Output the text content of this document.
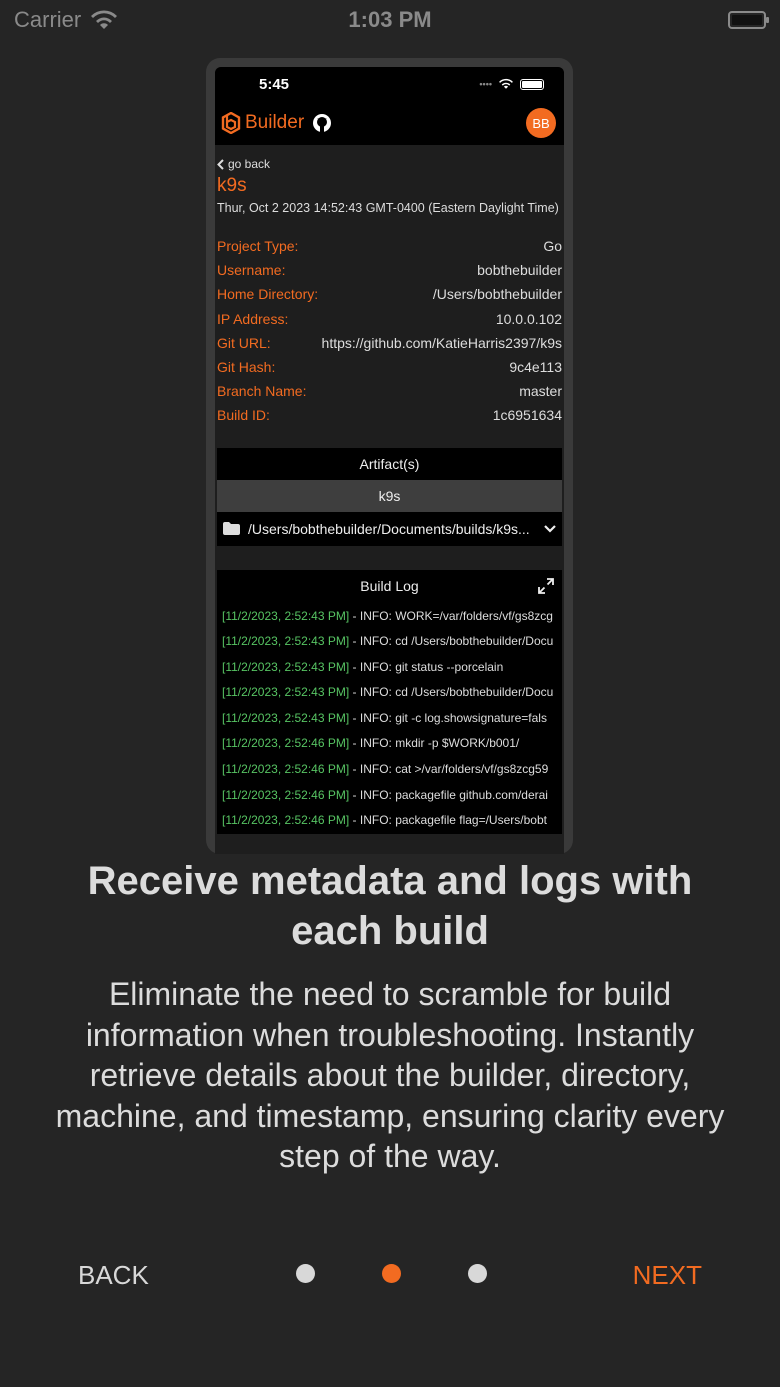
Carrier	1:03 PM
5:45	••••
Builder	BB
go back
k9s
Thur, Oct 2 2023 14:52:43 GMT-0400 (Eastern Daylight Time)
Project Type:	Go
Username:	bobthebuilder
Home Directory:	/Users/bobthebuilder
IP Address:	10.0.0.102
Git URL:	https://github.com/KatieHarris2397/k9s
Git Hash:	9c4e113
Branch Name:	master
Build ID:	1c6951634
Artifact(s)
k9s
/Users/bobthebuilder/Documents/builds/k9s...
Build Log
[11/2/2023, 2:52:43 PM] - INFO: WORK=/var/folders/vf/gs8zcg
[11/2/2023, 2:52:43 PM] - INFO: cd /Users/bobthebuilder/Docu
[11/2/2023, 2:52:43 PM] - INFO: git status --porcelain
[11/2/2023, 2:52:43 PM] - INFO: cd /Users/bobthebuilder/Docu
[11/2/2023, 2:52:43 PM] - INFO: git -c log.showsignature=fals
[11/2/2023, 2:52:46 PM] - INFO: mkdir -p $WORK/b001/
[11/2/2023, 2:52:46 PM] - INFO: cat >/var/folders/vf/gs8zcg59
[11/2/2023, 2:52:46 PM] - INFO: packagefile github.com/derai
[11/2/2023, 2:52:46 PM] - INFO: packagefile flag=/Users/bobt
Receive metadata and logs with each build
Eliminate the need to scramble for build information when troubleshooting. Instantly retrieve details about the builder, directory, machine, and timestamp, ensuring clarity every step of the way.
BACK	NEXT
